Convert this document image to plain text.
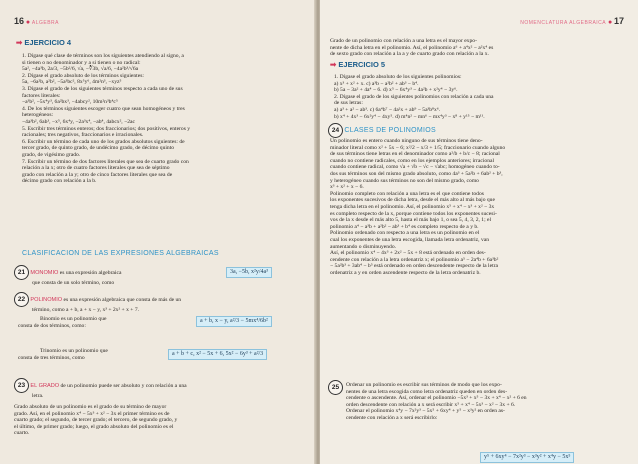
16 ● ALGEBRA
➡ EJERCICIO 4
1. Dígase qué clase de términos son los siguientes atendiendo al signo, a
si tienen o no denominador y a si tienen o no radical:
5a², −4a³b, 2a/3, −5b²/6, √a, −∛3b, √a/6, −4a²b³/√6a
2. Dígase el grado absoluto de los términos siguientes:
5a, −6a²b, a²b², −5a³bc², 8x⁵y⁶, 4m²n³, −xyz⁵
3. Dígase el grado de los siguientes términos respecto a cada uno de sus
factores literales:
−a³b², −5x⁴y³, 6a²bx³, −4abcy², 10m²n³b⁴c⁵
4. De los términos siguientes escoger cuatro que sean homogéneos y tres
heterogéneos:
−4a³b², 6ab³, −x⁵, 6x⁴y, −2a³x⁴, −ab⁴, 4abcx², −2ac
5. Escribir tres términos enteros; dos fraccionarios; dos positivos, enteros y
racionales; tres negativos, fraccionarios e irracionales.
6. Escribir un término de cada uno de los grados absolutos siguientes: de
tercer grado, de quinto grado, de undécimo grado, de décimo quinto
grado, de vigésimo grado.
7. Escribir un término de dos factores literales que sea de cuarto grado con
relación a la x; otro de cuatro factores literales que sea de séptimo
grado con relación a la y; otro de cinco factores literales que sea de
décimo grado con relación a la b.
CLASIFICACION DE LAS EXPRESIONES ALGEBRAICAS
21 MONOMIO es una expresión algebraica
que consta de un solo término, como
3a, −5b, x²y/4a³
22 POLINOMIO es una expresión algebraica que consta de más de un
término, como a + b, a + x − y, x³ + 2x² + x + 7.
Binomio es un polinomio que
consta de dos términos, como:
a + b, x − y, a²/3 − 5mx⁴/6b²
Trinomio es un polinomio que
consta de tres términos, como
a + b + c, x² − 5x + 6, 5x² − 6y³ + a²/3
23 EL GRADO de un polinomio puede ser absoluto y con relación a una
letra.
Grado absoluto de un polinomio es el grado de su término de mayor
grado. Así, en el polinomio x⁴ − 5x³ + x² − 3x el primer término es de
cuarto grado; el segundo, de tercer grado; el tercero, de segundo grado, y
el último, de primer grado; luego, el grado absoluto del polinomio es el
cuarto.
NOMENCLATURA ALGEBRAICA ● 17
Grado de un polinomio con relación a una letra es el mayor expo-
nente de dicha letra en el polinomio. Así, el polinomio a⁶ + a⁴x² − a²x⁴ es
de sexto grado con relación a la a y de cuarto grado con relación a la x.
➡ EJERCICIO 5
1. Dígase el grado absoluto de los siguientes polinomios:
a) x³ + x² + x. c) a³b − a²b² + ab³ − b⁴.
b) 5a − 3a² + 4a⁴ − 6. d) x⁵ − 6x⁴y³ − 4a²b + x²y⁴ − 3y⁶.
2. Dígase el grado de los siguientes polinomios con relación a cada una
de sus letras:
a) a³ + a² − ab³. c) 6a⁴b⁷ − 4a²x + ab⁹ − 5a³b⁸x⁶.
b) x⁴ + 4x³ − 6x²y⁴ − 4xy⁵. d) m⁴n² − mn⁶ − mx⁴y³ − x⁸ + y¹⁵ − m¹¹.
24 CLASES DE POLINOMIOS
Un polinomio es entero cuando ninguno de sus términos tiene deno-
minador literal como x² + 5x − 6; x²/2 − x/3 + 1/5; fraccionario cuando alguno
de sus términos tiene letras en el denominador como a²/b + b/c − 8; racional
cuando no contiene radicales, como en los ejemplos anteriores; irracional
cuando contiene radical, como √a + √b − √c − √abc; homogéneo cuando to-
dos sus términos son del mismo grado absoluto, como 4a³ + 5a²b + 6ab² + b³,
y heterogéneo cuando sus términos no son del mismo grado, como
x³ + x² + x − 6.
Polinomio completo con relación a una letra es el que contiene todos
los exponentes sucesivos de dicha letra, desde el más alto al más bajo que
tenga dicha letra en el polinomio. Así, el polinomio x⁵ + x⁴ − x³ + x² − 3x
es completo respecto de la x, porque contiene todos los exponentes sucesi-
vos de la x desde el más alto 5, hasta el más bajo 1, o sea 5, 4, 3, 2, 1; el
polinomio a⁴ − a³b + a²b² − ab³ + b⁴ es completo respecto de a y b.
Polinomio ordenado con respecto a una letra es un polinomio en el
cual los exponentes de una letra escogida, llamada letra ordenatriz, van
aumentando o disminuyendo.
Así, el polinomio x⁴ − 4x³ + 2x² − 5x + 8 está ordenado en orden des-
cendente con relación a la letra ordenatriz x; el polinomio a⁵ − 2a⁴b + 6a³b²
− 5a²b³ + 3ab⁴ − b⁵ está ordenado en orden descendente respecto de la letra
ordenatriz a y en orden ascendente respecto de la letra ordenatriz b.
25	Ordenar un polinomio es escribir sus términos de modo que los expo-
nentes de una letra escogida como letra ordenatriz queden en orden des-
cendente o ascendente. Así, ordenar el polinomio −5x³ + x⁵ − 3x + x⁴ − x² + 6 en
orden descendente con relación a x será escribir x⁵ + x⁴ − 5x³ − x² − 3x + 6.
Ordenar el polinomio x⁴y − 7x²y³ − 5x⁵ + 6xy⁴ + y⁵ − x³y² en orden as-
cendente con relación a x será escribirlo:
y⁵ + 6xy⁴ − 7x²y³ − x³y² + x⁴y − 5x⁵
